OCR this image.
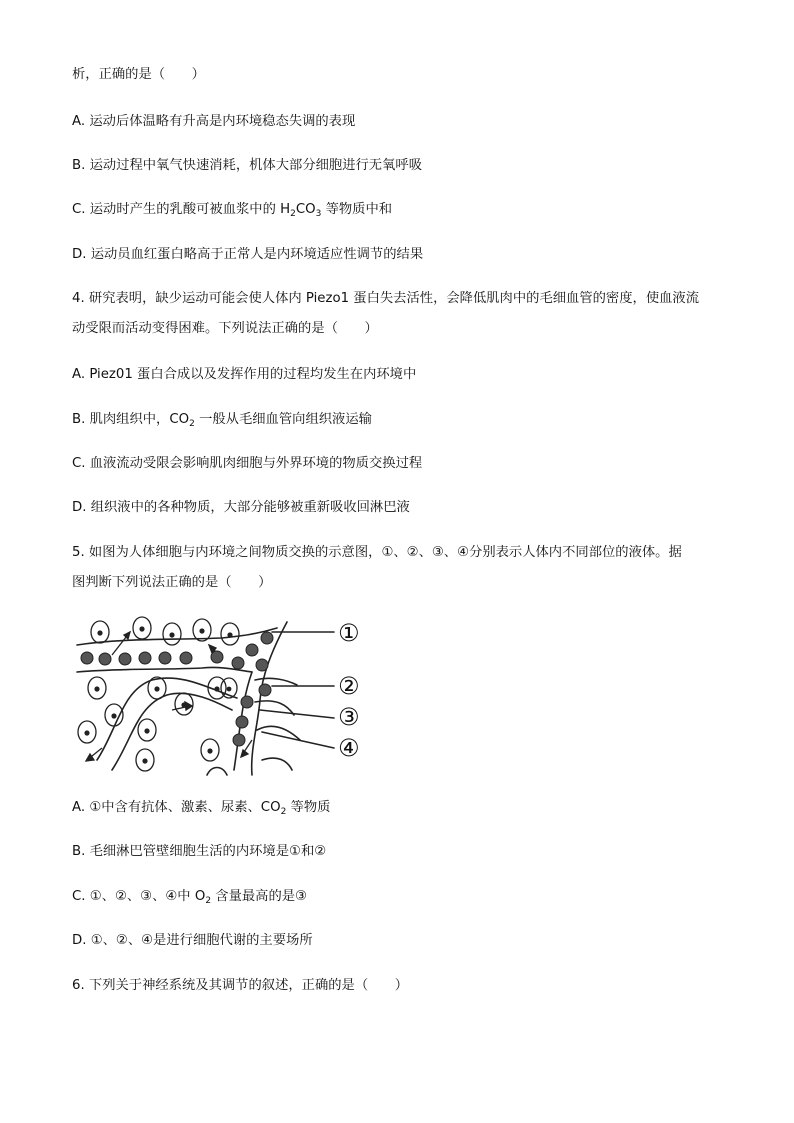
析，正确的是（　　）
A. 运动后体温略有升高是内环境稳态失调的表现
B. 运动过程中氧气快速消耗，机体大部分细胞进行无氧呼吸
C. 运动时产生的乳酸可被血浆中的 $H_2CO_3$ 等物质中和
D. 运动员血红蛋白略高于正常人是内环境适应性调节的结果
4. 研究表明，缺少运动可能会使人体内 Piezo1 蛋白失去活性，会降低肌肉中的毛细血管的密度，使血液流
动受限而活动变得困难。下列说法正确的是（　　）
A. Piez01 蛋白合成以及发挥作用的过程均发生在内环境中
B. 肌肉组织中，$CO_2$ 一般从毛细血管向组织液运输
C. 血液流动受限会影响肌肉细胞与外界环境的物质交换过程
D. 组织液中的各种物质，大部分能够被重新吸收回淋巴液
5. 如图为人体细胞与内环境之间物质交换的示意图，①、②、③、④分别表示人体内不同部位的液体。据
图判断下列说法正确的是（　　）
①
②
③
④
A. ①中含有抗体、激素、尿素、$CO_2$ 等物质
B. 毛细淋巴管壁细胞生活的内环境是①和②
C. ①、②、③、④中 $O_2$ 含量最高的是③
D. ①、②、④是进行细胞代谢的主要场所
6. 下列关于神经系统及其调节的叙述，正确的是（　　）
